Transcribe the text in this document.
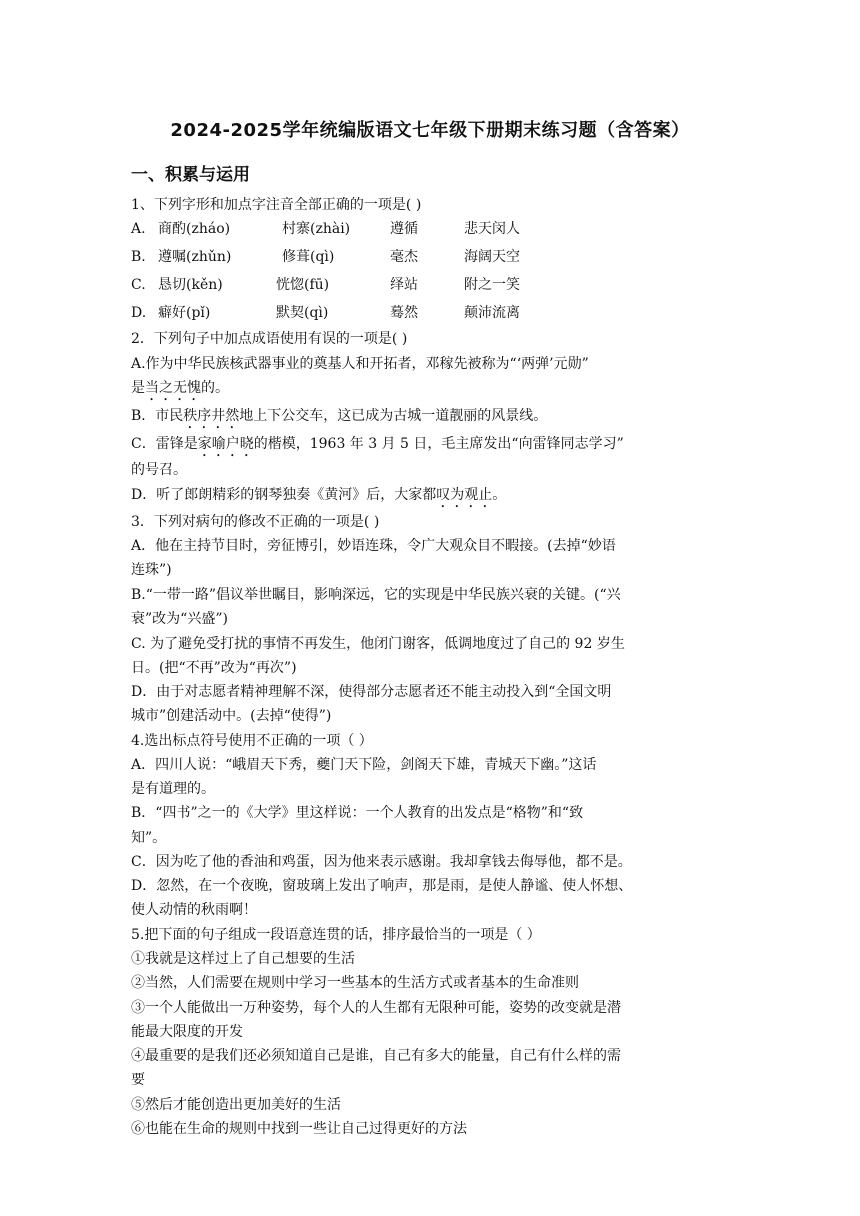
2024-2025学年统编版语文七年级下册期末练习题（含答案）
一、积累与运用
1、下列字形和加点字注音全部正确的一项是( )
A. 商酌(zháo)	村寨(zhài)	遵循	悲天闵人
B. 遵嘱(zhǔn)	修葺(qì)	毫杰	海阔天空
C. 恳切(kěn)	恍惚(fū)	绎站	附之一笑
D. 癖好(pǐ)	默契(qì)	蓦然	颠沛流离
2．下列句子中加点成语使用有误的一项是( )
A.作为中华民族核武器事业的奠基人和开拓者，邓稼先被称为“‘两弹’元勋”
是当之无愧的。
B．市民秩序井然地上下公交车，这已成为古城一道靓丽的风景线。
C．雷锋是家喻户晓的楷模，1963 年 3 月 5 日，毛主席发出“向雷锋同志学习”
的号召。
D．听了郎朗精彩的钢琴独奏《黄河》后，大家都叹为观止。
3．下列对病句的修改不正确的一项是( )
A．他在主持节目时，旁征博引，妙语连珠，令广大观众目不暇接。(去掉“妙语
连珠”)
B.“一带一路”倡议举世瞩目，影响深远，它的实现是中华民族兴衰的关键。(“兴
衰”改为“兴盛”)
C. 为了避免受打扰的事情不再发生，他闭门谢客，低调地度过了自己的 92 岁生
日。(把“不再”改为“再次”)
D．由于对志愿者精神理解不深，使得部分志愿者还不能主动投入到“全国文明
城市”创建活动中。(去掉“使得”)
4.选出标点符号使用不正确的一项（ ）
A．四川人说：“峨眉天下秀，夔门天下险，剑阁天下雄，青城天下幽。”这话
是有道理的。
B．“四书”之一的《大学》里这样说：一个人教育的出发点是“格物”和“致
知”。
C．因为吃了他的香油和鸡蛋，因为他来表示感谢。我却拿钱去侮辱他，都不是。
D．忽然，在一个夜晚，窗玻璃上发出了响声，那是雨，是使人静谧、使人怀想、
使人动情的秋雨啊！
5.把下面的句子组成一段语意连贯的话，排序最恰当的一项是（ ）
①我就是这样过上了自己想要的生活
②当然，人们需要在规则中学习一些基本的生活方式或者基本的生命准则
③一个人能做出一万种姿势，每个人的人生都有无限种可能，姿势的改变就是潜
能最大限度的开发
④最重要的是我们还必须知道自己是谁，自己有多大的能量，自己有什么样的需
要
⑤然后才能创造出更加美好的生活
⑥也能在生命的规则中找到一些让自己过得更好的方法
